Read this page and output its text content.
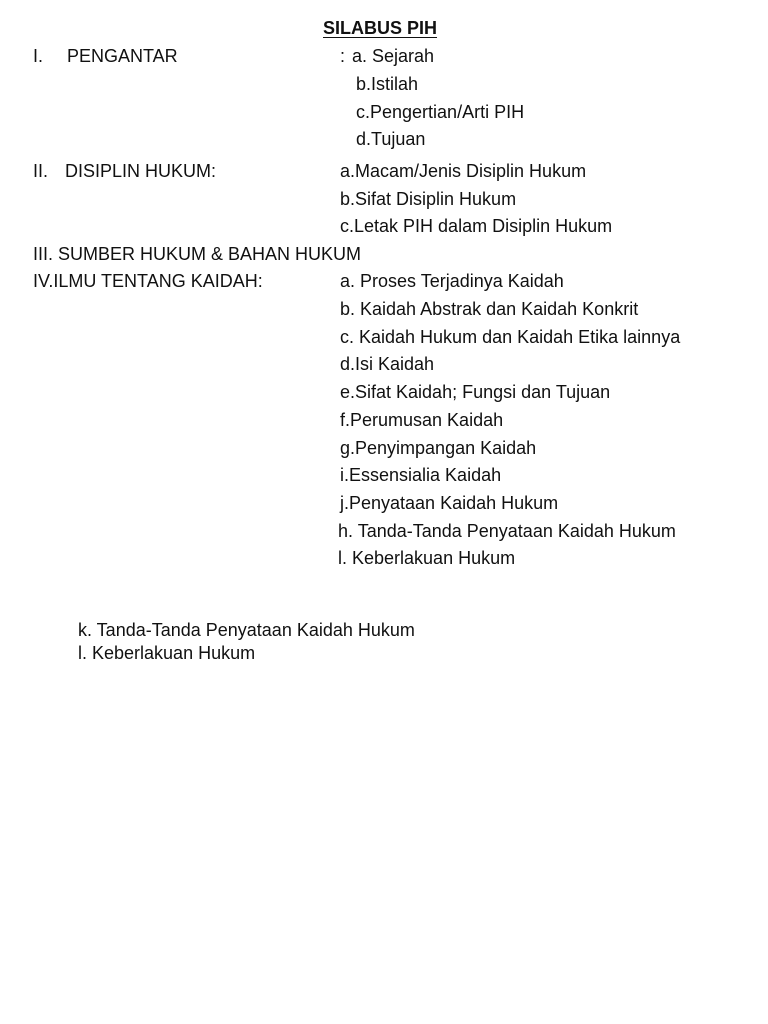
SILABUS PIH
I. PENGANTAR	: a. Sejarah
b.Istilah
c.Pengertian/Arti PIH
d.Tujuan
II. DISIPLIN HUKUM:	a.Macam/Jenis Disiplin Hukum
b.Sifat Disiplin Hukum
c.Letak PIH dalam Disiplin Hukum
III. SUMBER HUKUM & BAHAN HUKUM
IV.ILMU TENTANG KAIDAH:	a. Proses Terjadinya Kaidah
b. Kaidah Abstrak dan Kaidah Konkrit
c. Kaidah Hukum dan Kaidah Etika lainnya
d.Isi Kaidah
e.Sifat Kaidah; Fungsi dan Tujuan
f.Perumusan Kaidah
g.Penyimpangan Kaidah
i.Essensialia Kaidah
j.Penyataan Kaidah Hukum
h. Tanda-Tanda Penyataan Kaidah Hukum
l. Keberlakuan Hukum
k. Tanda-Tanda Penyataan Kaidah Hukum
l. Keberlakuan Hukum
